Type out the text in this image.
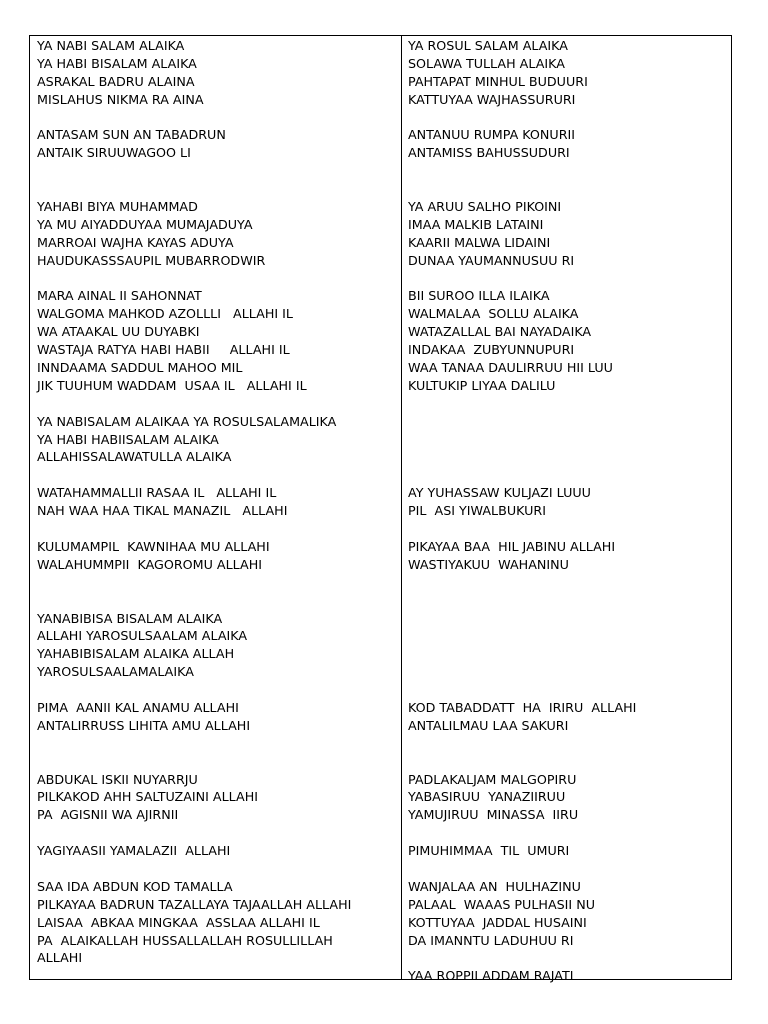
YA NABI SALAM ALAIKA
YA HABI BISALAM ALAIKA
ASRAKAL BADRU ALAINA
MISLAHUS NIKMA RA AINA
ANTASAM SUN AN TABADRUN
ANTAIK SIRUUWAGOO LI
YAHABI BIYA MUHAMMAD
YA MU AIYADDUYAA MUMAJADUYA
MARROAI WAJHA KAYAS ADUYA
HAUDUKASSSAUPIL MUBARRODWIR
MARA AINAL II SAHONNAT
WALGOMA MAHKOD AZOLLLI   ALLAHI IL
WA ATAAKAL UU DUYABKI
WASTAJA RATYA HABI HABII     ALLAHI IL
INNDAAMA SADDUL MAHOO MIL
JIK TUUHUM WADDAM  USAA IL   ALLAHI IL
YA NABISALAM ALAIKAA YA ROSULSALAMALIKA
YA HABI HABIISALAM ALAIKA
ALLAHISSALAWATULLA ALAIKA
WATAHAMMALLII RASAA IL   ALLAHI IL
NAH WAA HAA TIKAL MANAZIL   ALLAHI
KULUMAMPIL  KAWNIHAA MU ALLAHI
WALAHUMMPII  KAGOROMU ALLAHI
YANABIBISA BISALAM ALAIKA
ALLAHI YAROSULSAALAM ALAIKA
YAHABIBISALAM ALAIKA ALLAH
YAROSULSAALAMALAIKA
PIMA  AANII KAL ANAMU ALLAHI
ANTALIRRUSS LIHITA AMU ALLAHI
ABDUKAL ISKII NUYARRJU
PILKAKOD AHH SALTUZAINI ALLAHI
PA  AGISNII WA AJIRNII
YAGIYAASII YAMALAZII  ALLAHI
SAA IDA ABDUN KOD TAMALLA
PILKAYAA BADRUN TAZALLAYA TAJAALLAH ALLAHI
LAISAA  ABKAA MINGKAA  ASSLAA ALLAHI IL
PA  ALAIKALLAH HUSSALLALLAH ROSULLILLAH
ALLAHI
YA ROSUL SALAM ALAIKA
SOLAWA TULLAH ALAIKA
PAHTAPAT MINHUL BUDUURI
KATTUYAA WAJHASSURURI
ANTANUU RUMPA KONURII
ANTAMISS BAHUSSUDURI
YA ARUU SALHO PIKOINI
IMAA MALKIB LATAINI
KAARII MALWA LIDAINI
DUNAA YAUMANNUSUU RI
BII SUROO ILLA ILAIKA
WALMALAA  SOLLU ALAIKA
WATAZALLAL BAI NAYADAIKA
INDAKAA  ZUBYUNNUPURI
WAA TANAA DAULIRRUU HII LUU
KULTUKIP LIYAA DALILU
AY YUHASSAW KULJAZI LUUU
PIL  ASI YIWALBUKURI
PIKAYAA BAA  HIL JABINU ALLAHI
WASTIYAKUU  WAHANINU
KOD TABADDATT  HA  IRIRU  ALLAHI
ANTALILMAU LAA SAKURI
PADLAKALJAM MALGOPIRU
YABASIRUU  YANAZIIRUU
YAMUJIRUU  MINASSA  IIRU
PIMUHIMMAA  TIL  UMURI
WANJALAA AN  HULHAZINU
PALAAL  WAAAS PULHASII NU
KOTTUYAA  JADDAL HUSAINI
DA IMANNTU LADUHUU RI
YAA ROPPII ADDAM RAJATI
